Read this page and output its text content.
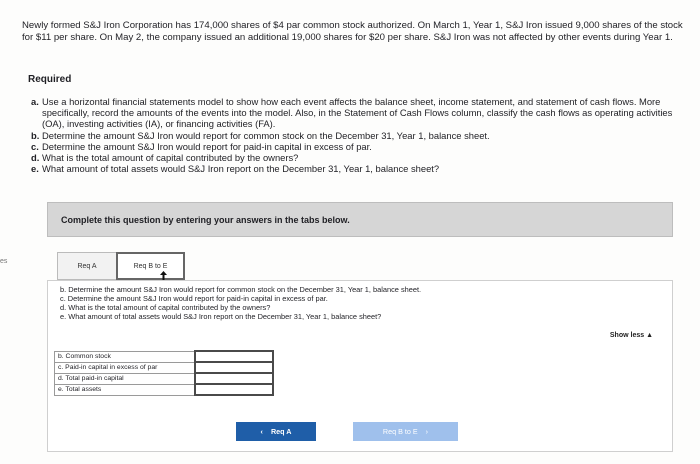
Newly formed S&J Iron Corporation has 174,000 shares of $4 par common stock authorized. On March 1, Year 1, S&J Iron issued 9,000 shares of the stock for $11 per share. On May 2, the company issued an additional 19,000 shares for $20 per share. S&J Iron was not affected by other events during Year 1.
Required
a. Use a horizontal financial statements model to show how each event affects the balance sheet, income statement, and statement of cash flows. More specifically, record the amounts of the events into the model. Also, in the Statement of Cash Flows column, classify the cash flows as operating activities (OA), investing activities (IA), or financing activities (FA).
b. Determine the amount S&J Iron would report for common stock on the December 31, Year 1, balance sheet.
c. Determine the amount S&J Iron would report for paid-in capital in excess of par.
d. What is the total amount of capital contributed by the owners?
e. What amount of total assets would S&J Iron report on the December 31, Year 1, balance sheet?
es
Complete this question by entering your answers in the tabs below.
Req A	Req B to E
b. Determine the amount S&J Iron would report for common stock on the December 31, Year 1, balance sheet.
c. Determine the amount S&J Iron would report for paid-in capital in excess of par.
d. What is the total amount of capital contributed by the owners?
e. What amount of total assets would S&J Iron report on the December 31, Year 1, balance sheet?
Show less ▲
b. Common stock	
c. Paid-in capital in excess of par	
d. Total paid-in capital	
e. Total assets	
‹ Req A	Req B to E ›
